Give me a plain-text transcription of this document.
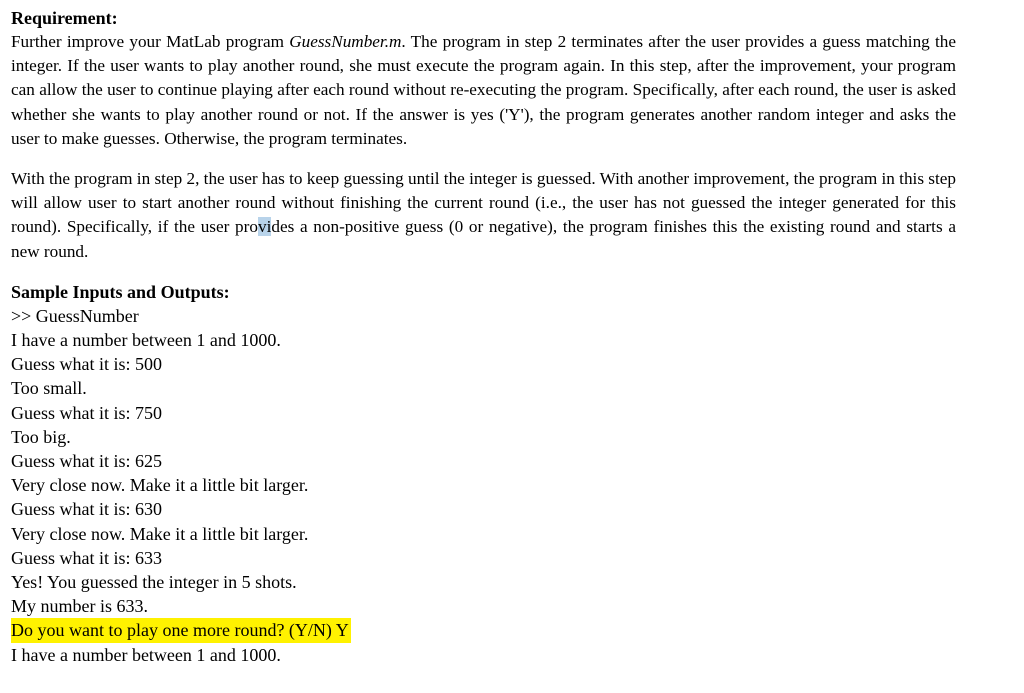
Requirement:

Further improve your MatLab program GuessNumber.m. The program in step 2 terminates after the user provides a guess matching the integer. If the user wants to play another round, she must execute the program again. In this step, after the improvement, your program can allow the user to continue playing after each round without re-executing the program. Specifically, after each round, the user is asked whether she wants to play another round or not. If the answer is yes ('Y'), the program generates another random integer and asks the user to make guesses. Otherwise, the program terminates.

With the program in step 2, the user has to keep guessing until the integer is guessed. With another improvement, the program in this step will allow user to start another round without finishing the current round (i.e., the user has not guessed the integer generated for this round). Specifically, if the user provides a non-positive guess (0 or negative), the program finishes this the existing round and starts a new round.

Sample Inputs and Outputs:
>> GuessNumber
I have a number between 1 and 1000.
Guess what it is: 500
Too small.
Guess what it is: 750
Too big.
Guess what it is: 625
Very close now. Make it a little bit larger.
Guess what it is: 630
Very close now. Make it a little bit larger.
Guess what it is: 633
Yes! You guessed the integer in 5 shots.
My number is 633.
Do you want to play one more round? (Y/N) Y
I have a number between 1 and 1000.
